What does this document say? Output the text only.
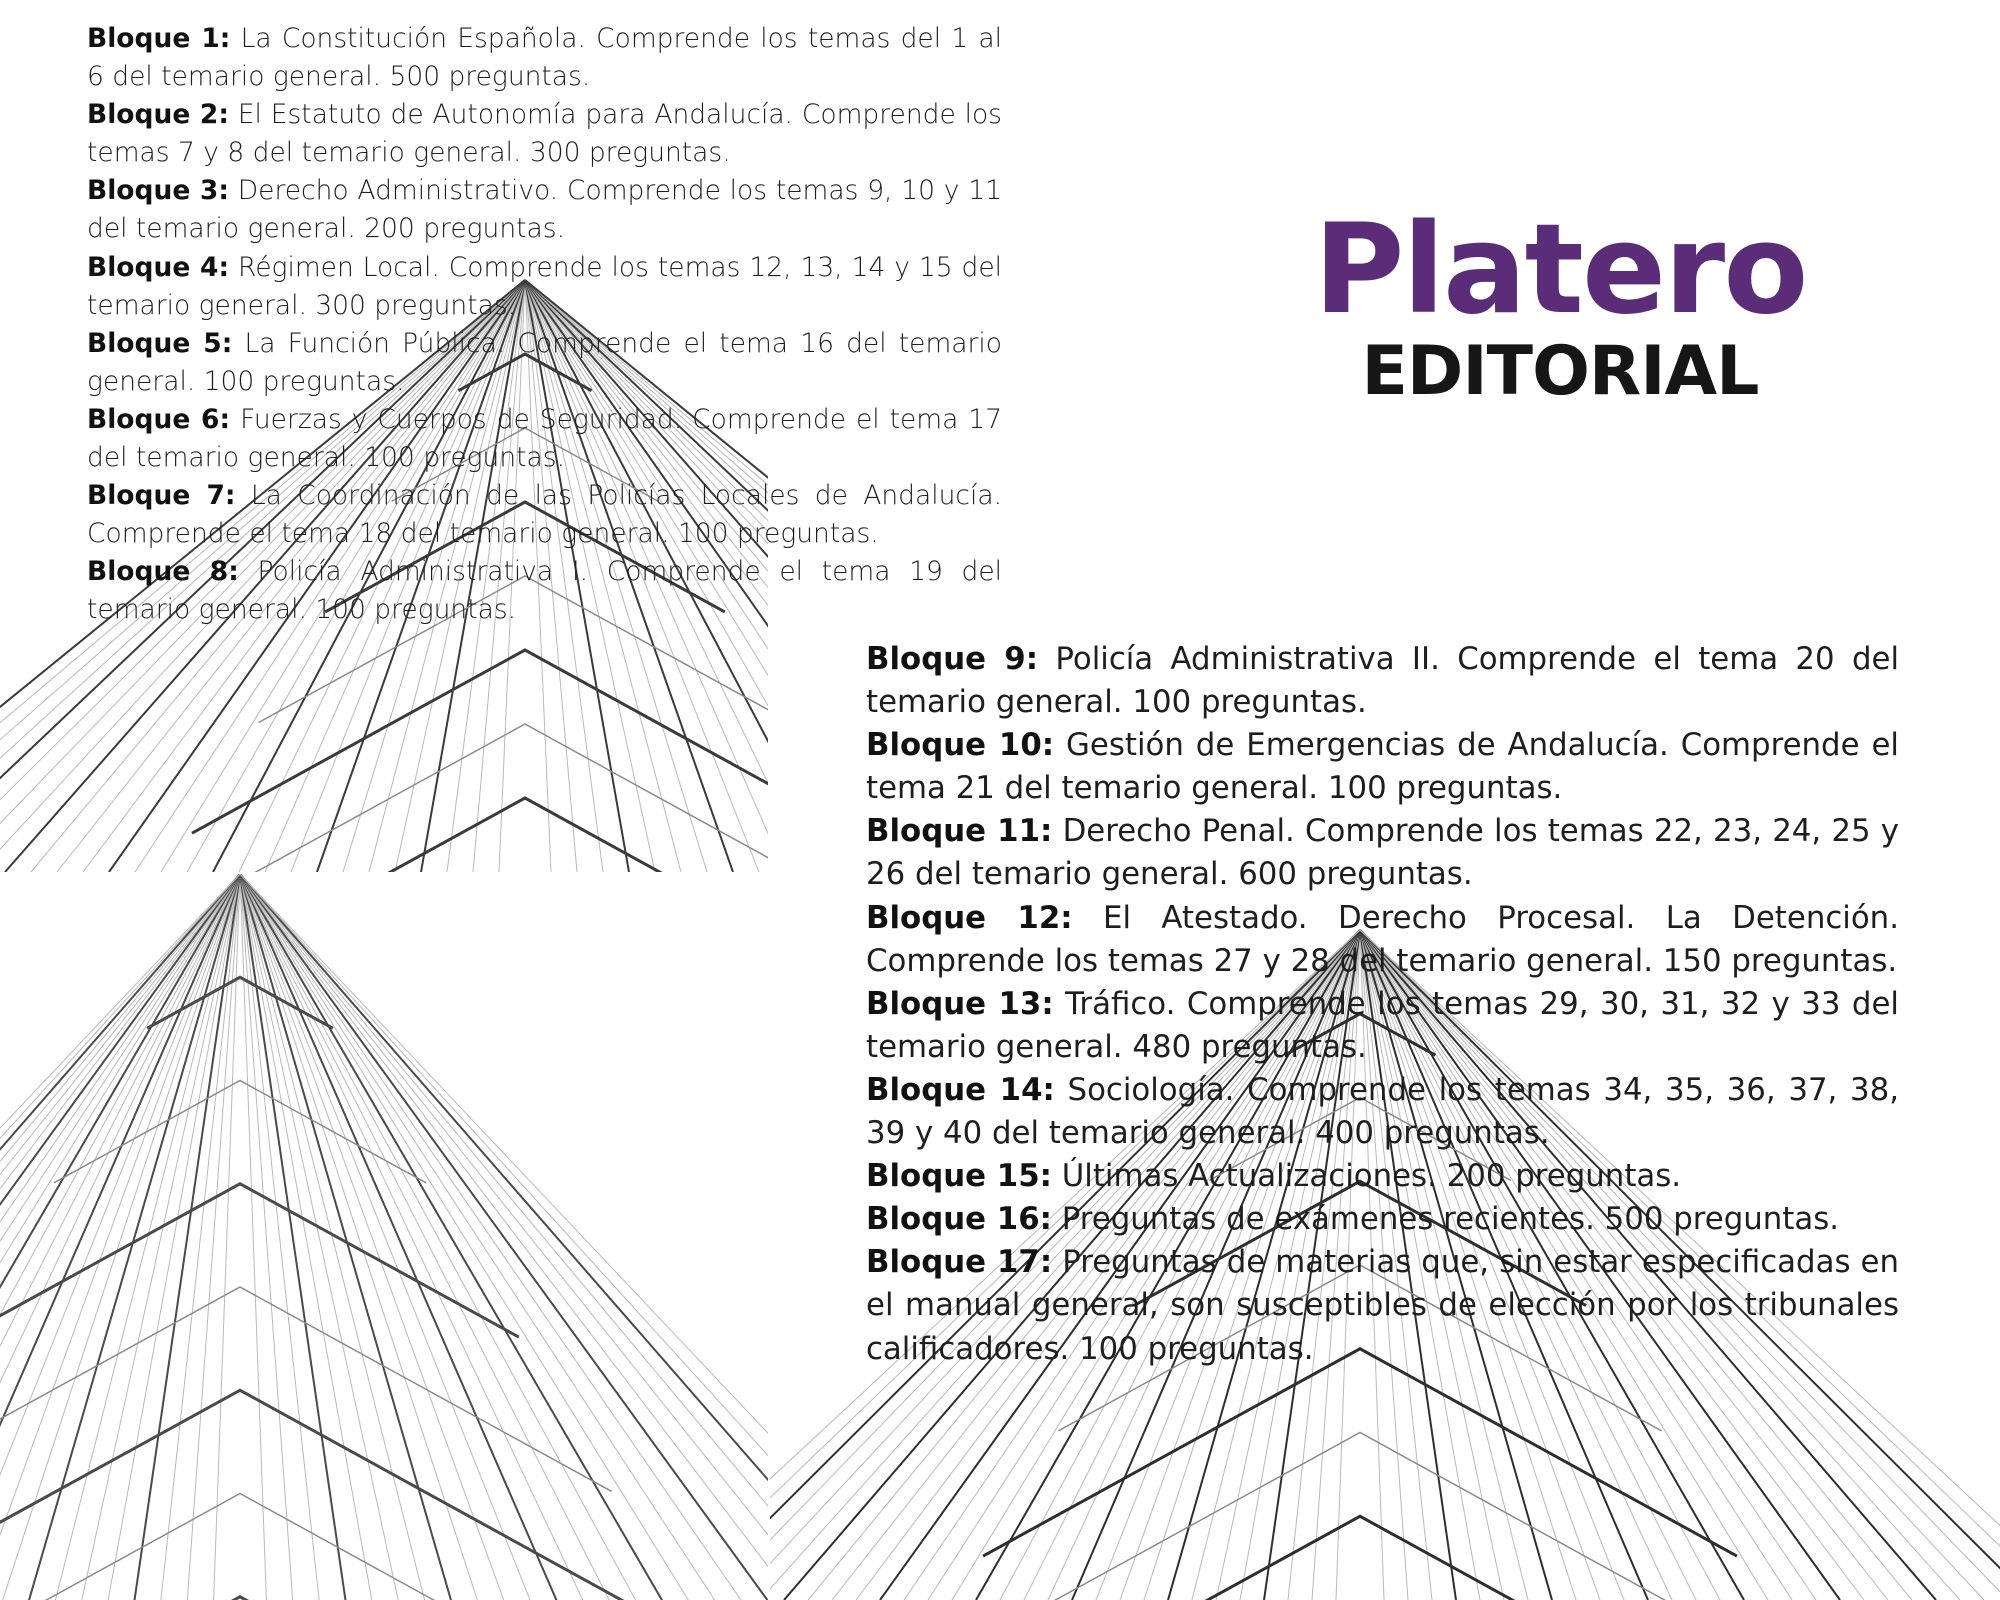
Platero
EDITORIAL

Bloque 1: La Constitución Española. Comprende los temas del 1 al 6 del temario general. 500 preguntas.

Bloque 2: El Estatuto de Autonomía para Andalucía. Comprende los temas 7 y 8 del temario general. 300 preguntas.

Bloque 3: Derecho Administrativo. Comprende los temas 9, 10 y 11 del temario general. 200 preguntas.

Bloque 4: Régimen Local. Comprende los temas 12, 13, 14 y 15 del temario general. 300 preguntas.

Bloque 5: La Función Pública. Comprende el tema 16 del temario general. 100 preguntas.

Bloque 6: Fuerzas y Cuerpos de Seguridad. Comprende el tema 17 del temario general. 100 preguntas.

Bloque 7: La Coordinación de las Policías Locales de Andalucía. Comprende el tema 18 del temario general. 100 preguntas.

Bloque 8: Policía Administrativa I. Comprende el tema 19 del temario general. 100 preguntas.

Bloque 9: Policía Administrativa II. Comprende el tema 20 del temario general. 100 preguntas.

Bloque 10: Gestión de Emergencias de Andalucía. Comprende el tema 21 del temario general. 100 preguntas.

Bloque 11: Derecho Penal. Comprende los temas 22, 23, 24, 25 y 26 del temario general. 600 preguntas.

Bloque 12: El Atestado. Derecho Procesal. La Detención. Comprende los temas 27 y 28 del temario general. 150 preguntas.

Bloque 13: Tráfico. Comprende los temas 29, 30, 31, 32 y 33 del temario general. 480 preguntas.

Bloque 14: Sociología. Comprende los temas 34, 35, 36, 37, 38, 39 y 40 del temario general. 400 preguntas.

Bloque 15: Últimas Actualizaciones. 200 preguntas.

Bloque 16: Preguntas de exámenes recientes. 500 preguntas.

Bloque 17: Preguntas de materias que, sin estar especificadas en el manual general, son susceptibles de elección por los tribunales calificadores. 100 preguntas.
